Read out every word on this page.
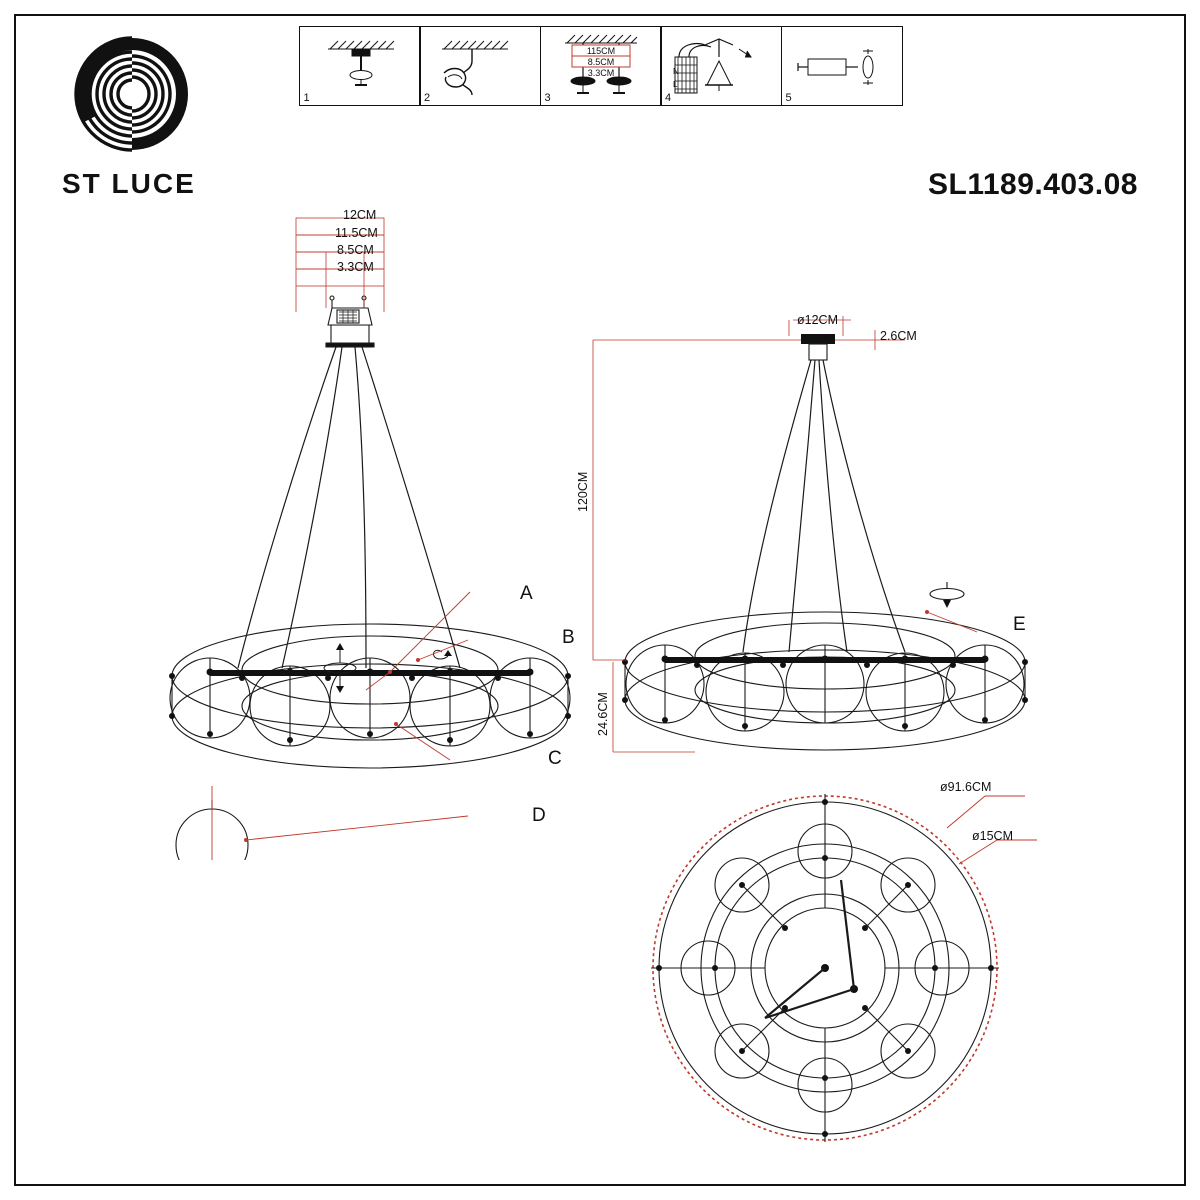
ST LUCE	SL1189.403.08
1	2
115CM
8.5CM
3.3CM
3
N
L
4	5
12CM
11.5CM
8.5CM
3.3CM
A
B
C
D
ø12CM
2.6CM
120CM
24.6CM
E
ø91.6CM
ø15CM
